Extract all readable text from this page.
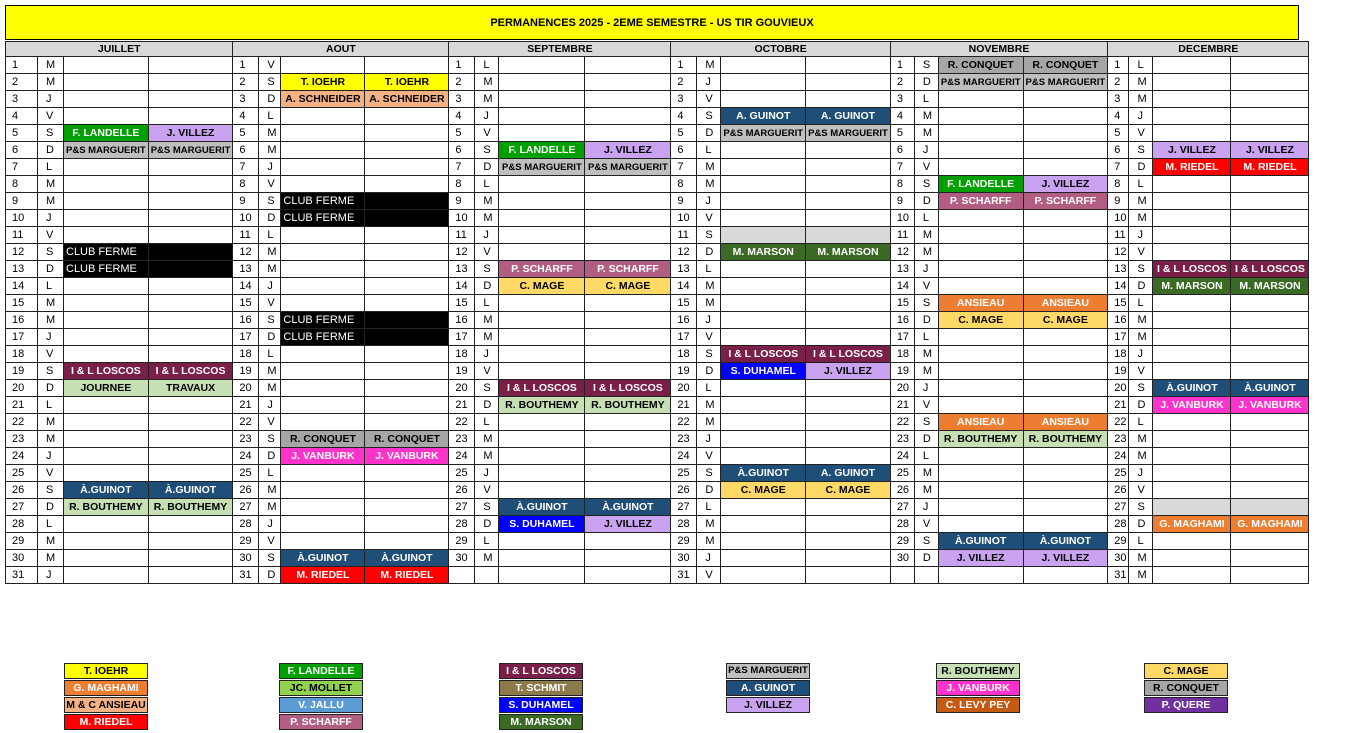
PERMANENCES 2025 - 2EME SEMESTRE - US TIR GOUVIEUX
JUILLET				AOUT				SEPTEMBRE				OCTOBRE				NOVEMBRE				DECEMBRE			
1	M			1	V			1	L			1	M			1	S	R. CONQUET	R. CONQUET	1	L		
2	M			2	S	T. IOEHR	T. IOEHR	2	M			2	J			2	D	P&S MARGUERIT	P&S MARGUERIT	2	M		
3	J			3	D	A. SCHNEIDER	A. SCHNEIDER	3	M			3	V			3	L			3	M		
4	V			4	L			4	J			4	S	A. GUINOT	A. GUINOT	4	M			4	J		
5	S	F. LANDELLE	J. VILLEZ	5	M			5	V			5	D	P&S MARGUERIT	P&S MARGUERIT	5	M			5	V		
6	D	P&S MARGUERIT	P&S MARGUERIT	6	M			6	S	F. LANDELLE	J. VILLEZ	6	L			6	J			6	S	J. VILLEZ	J. VILLEZ
7	L			7	J			7	D	P&S MARGUERIT	P&S MARGUERIT	7	M			7	V			7	D	M. RIEDEL	M. RIEDEL
8	M			8	V			8	L			8	M			8	S	F. LANDELLE	J. VILLEZ	8	L		
9	M			9	S	CLUB FERME		9	M			9	J			9	D	P. SCHARFF	P. SCHARFF	9	M		
10	J			10	D	CLUB FERME		10	M			10	V			10	L			10	M		
11	V			11	L			11	J			11	S			11	M			11	J		
12	S	CLUB FERME		12	M			12	V			12	D	M. MARSON	M. MARSON	12	M			12	V		
13	D	CLUB FERME		13	M			13	S	P. SCHARFF	P. SCHARFF	13	L			13	J			13	S	I & L LOSCOS	I & L LOSCOS
14	L			14	J			14	D	C. MAGE	C. MAGE	14	M			14	V			14	D	M. MARSON	M. MARSON
15	M			15	V			15	L			15	M			15	S	ANSIEAU	ANSIEAU	15	L		
16	M			16	S	CLUB FERME		16	M			16	J			16	D	C. MAGE	C. MAGE	16	M		
17	J			17	D	CLUB FERME		17	M			17	V			17	L			17	M		
18	V			18	L			18	J			18	S	I & L LOSCOS	I & L LOSCOS	18	M			18	J		
19	S	I & L LOSCOS	I & L LOSCOS	19	M			19	V			19	D	S. DUHAMEL	J. VILLEZ	19	M			19	V		
20	D	JOURNEE	TRAVAUX	20	M			20	S	I & L LOSCOS	I & L LOSCOS	20	L			20	J			20	S	À.GUINOT	À.GUINOT
21	L			21	J			21	D	R. BOUTHEMY	R. BOUTHEMY	21	M			21	V			21	D	J. VANBURK	J. VANBURK
22	M			22	V			22	L			22	M			22	S	ANSIEAU	ANSIEAU	22	L		
23	M			23	S	R. CONQUET	R. CONQUET	23	M			23	J			23	D	R. BOUTHEMY	R. BOUTHEMY	23	M		
24	J			24	D	J. VANBURK	J. VANBURK	24	M			24	V			24	L			24	M		
25	V			25	L			25	J			25	S	À.GUINOT	A. GUINOT	25	M			25	J		
26	S	À.GUINOT	À.GUINOT	26	M			26	V			26	D	C. MAGE	C. MAGE	26	M			26	V		
27	D	R. BOUTHEMY	R. BOUTHEMY	27	M			27	S	À.GUINOT	À.GUINOT	27	L			27	J			27	S		
28	L			28	J			28	D	S. DUHAMEL	J. VILLEZ	28	M			28	V			28	D	G. MAGHAMI	G. MAGHAMI
29	M			29	V			29	L			29	M			29	S	À.GUINOT	À.GUINOT	29	L		
30	M			30	S	À.GUINOT	À.GUINOT	30	M			30	J			30	D	J. VILLEZ	J. VILLEZ	30	M		
31	J			31	D	M. RIEDEL	M. RIEDEL					31	V							31	M		
T. IOEHR
G. MAGHAMI
M & C ANSIEAU
M. RIEDEL
F. LANDELLE
JC. MOLLET
V. JALLU
P. SCHARFF
I & L LOSCOS
T. SCHMIT
S. DUHAMEL
M. MARSON
P&S MARGUERIT
A. GUINOT
J. VILLEZ
R. BOUTHEMY
J. VANBURK
C. LEVY PEY
C. MAGE
R. CONQUET
P. QUERE
